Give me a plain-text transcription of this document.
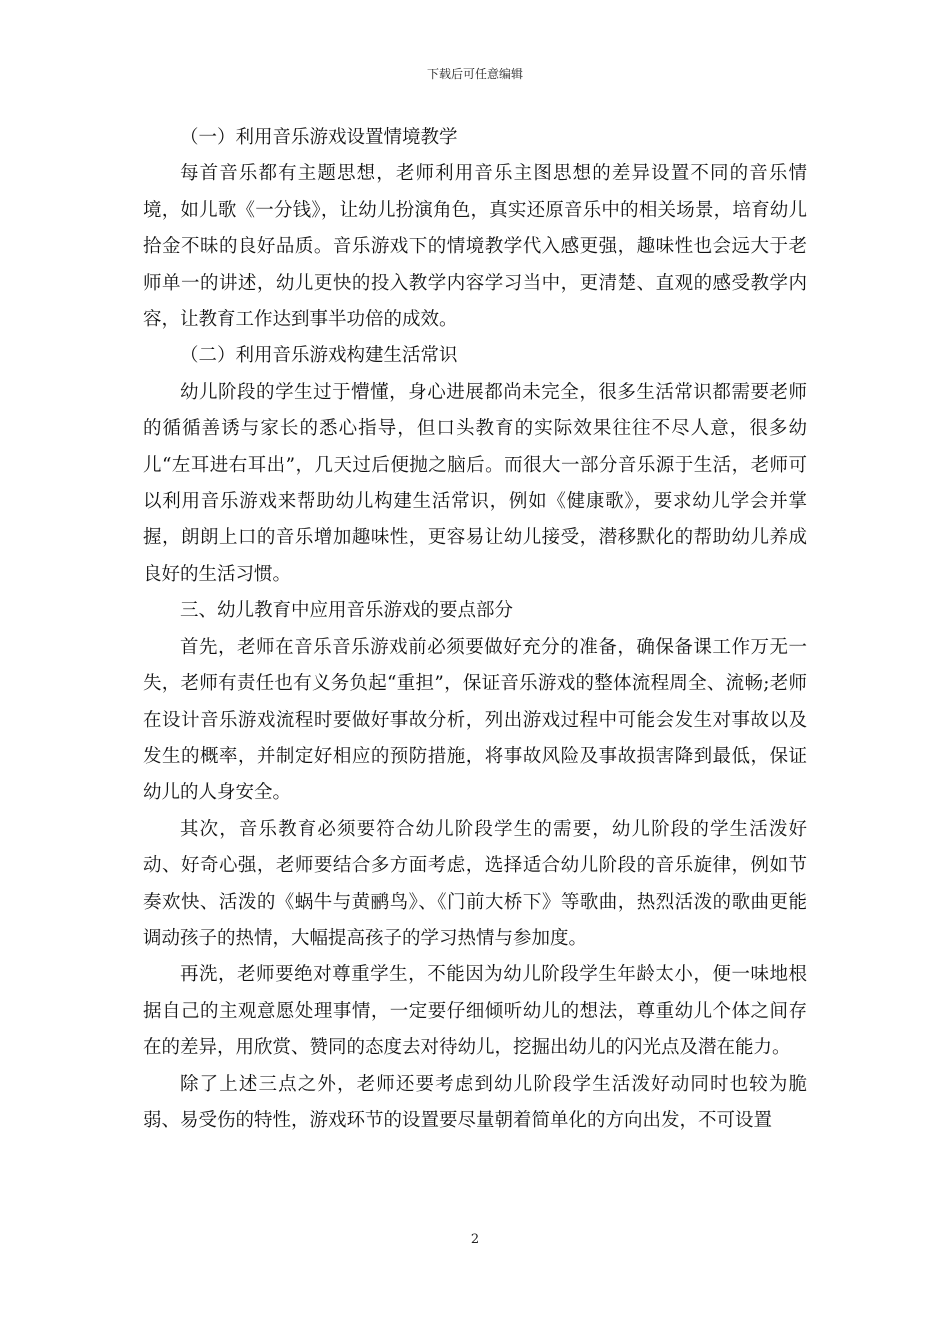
下载后可任意编辑

（一）利用音乐游戏设置情境教学

每首音乐都有主题思想，老师利用音乐主图思想的差异设置不同的音乐情境，如儿歌《一分钱》，让幼儿扮演角色，真实还原音乐中的相关场景，培育幼儿拾金不昧的良好品质。音乐游戏下的情境教学代入感更强，趣味性也会远大于老师单一的讲述，幼儿更快的投入教学内容学习当中，更清楚、直观的感受教学内容，让教育工作达到事半功倍的成效。

（二）利用音乐游戏构建生活常识

幼儿阶段的学生过于懵懂，身心进展都尚未完全，很多生活常识都需要老师的循循善诱与家长的悉心指导，但口头教育的实际效果往往不尽人意，很多幼儿“左耳进右耳出”，几天过后便抛之脑后。而很大一部分音乐源于生活，老师可以利用音乐游戏来帮助幼儿构建生活常识，例如《健康歌》，要求幼儿学会并掌握，朗朗上口的音乐增加趣味性，更容易让幼儿接受，潜移默化的帮助幼儿养成良好的生活习惯。

三、幼儿教育中应用音乐游戏的要点部分

首先，老师在音乐音乐游戏前必须要做好充分的准备，确保备课工作万无一失，老师有责任也有义务负起“重担”，保证音乐游戏的整体流程周全、流畅;老师在设计音乐游戏流程时要做好事故分析，列出游戏过程中可能会发生对事故以及发生的概率，并制定好相应的预防措施，将事故风险及事故损害降到最低，保证幼儿的人身安全。

其次，音乐教育必须要符合幼儿阶段学生的需要，幼儿阶段的学生活泼好动、好奇心强，老师要结合多方面考虑，选择适合幼儿阶段的音乐旋律，例如节奏欢快、活泼的《蜗牛与黄鹂鸟》、《门前大桥下》等歌曲，热烈活泼的歌曲更能调动孩子的热情，大幅提高孩子的学习热情与参加度。

再洗，老师要绝对尊重学生，不能因为幼儿阶段学生年龄太小，便一味地根据自己的主观意愿处理事情，一定要仔细倾听幼儿的想法，尊重幼儿个体之间存在的差异，用欣赏、赞同的态度去对待幼儿，挖掘出幼儿的闪光点及潜在能力。

除了上述三点之外，老师还要考虑到幼儿阶段学生活泼好动同时也较为脆弱、易受伤的特性，游戏环节的设置要尽量朝着简单化的方向出发，不可设置

2
